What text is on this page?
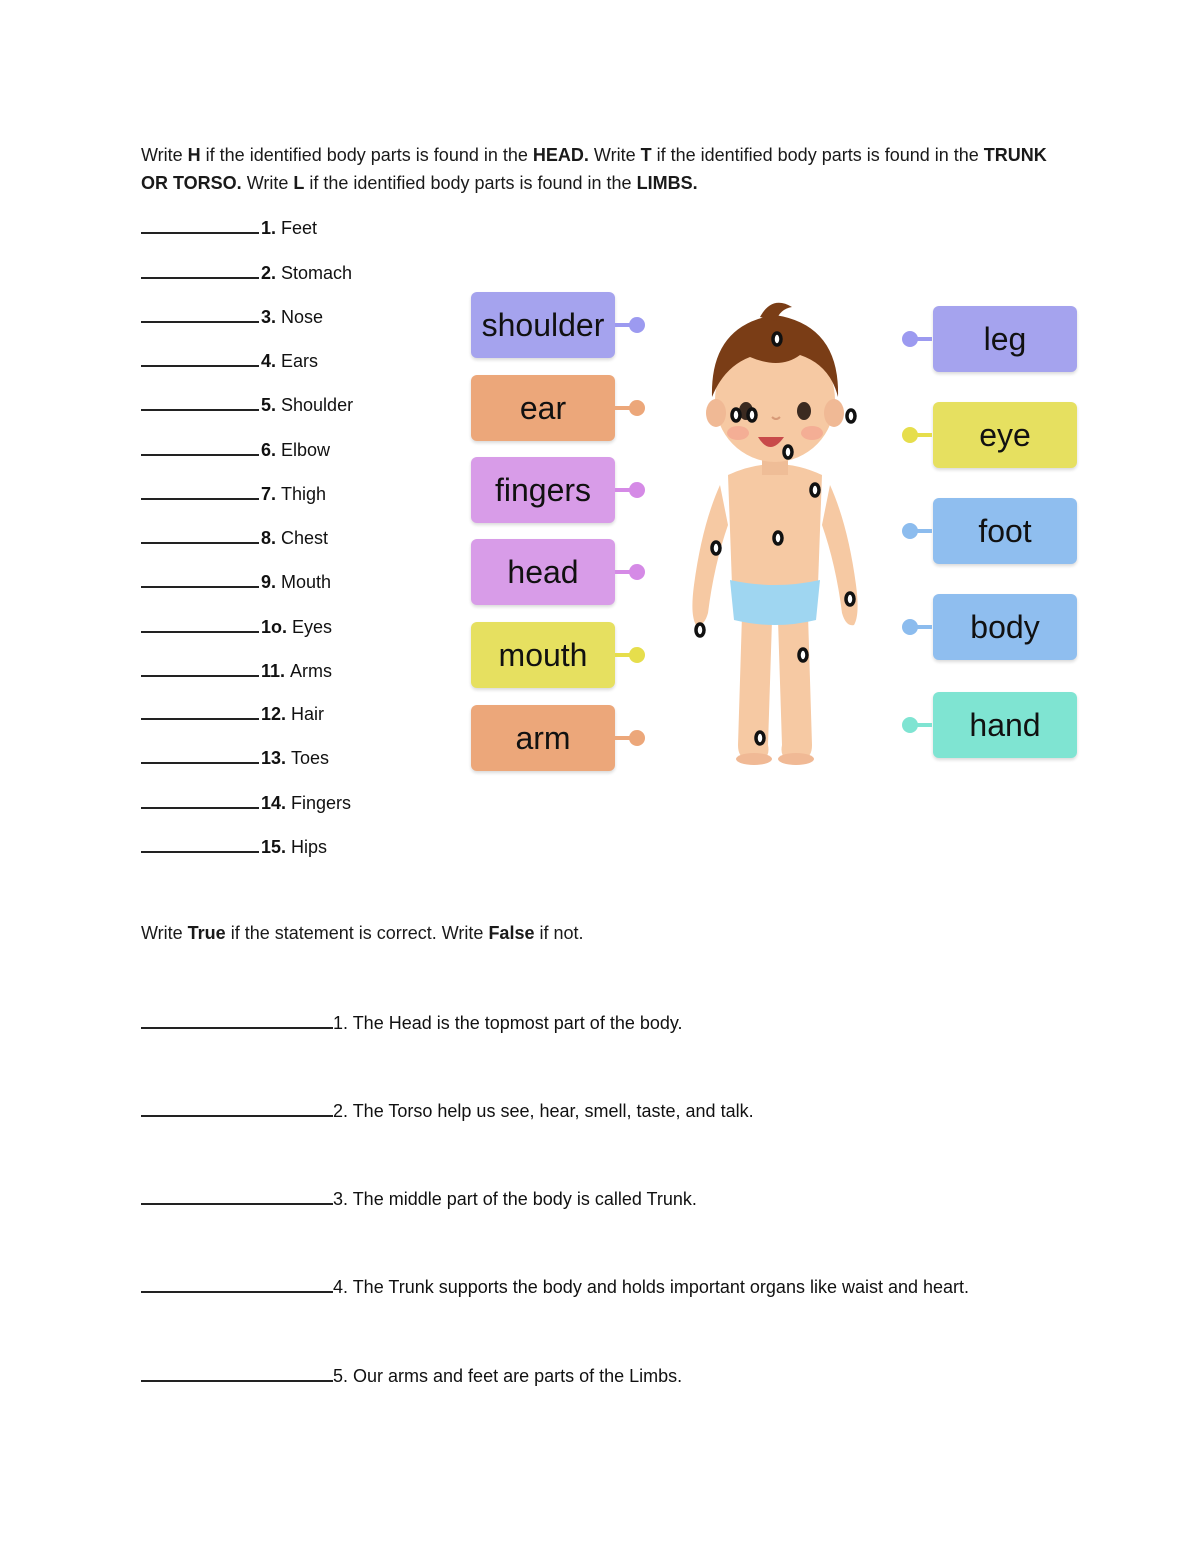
Write H if the identified body parts is found in the HEAD. Write T if the identified body parts is found in the TRUNK OR TORSO. Write L if the identified body parts is found in the LIMBS.
1. Feet
2. Stomach
3. Nose
4. Ears
5. Shoulder
6. Elbow
7. Thigh
8. Chest
9. Mouth
1o. Eyes
11. Arms
12. Hair
13. Toes
14. Fingers
15. Hips
shoulder
ear
fingers
head
mouth
arm
leg
eye
foot
body
hand
Write True if the statement is correct. Write False if not.
1. The Head is the topmost part of the body.
2. The Torso help us see, hear, smell, taste, and talk.
3. The middle part of the body is called Trunk.
4. The Trunk supports the body and holds important organs like waist and heart.
5. Our arms and feet are parts of the Limbs.
